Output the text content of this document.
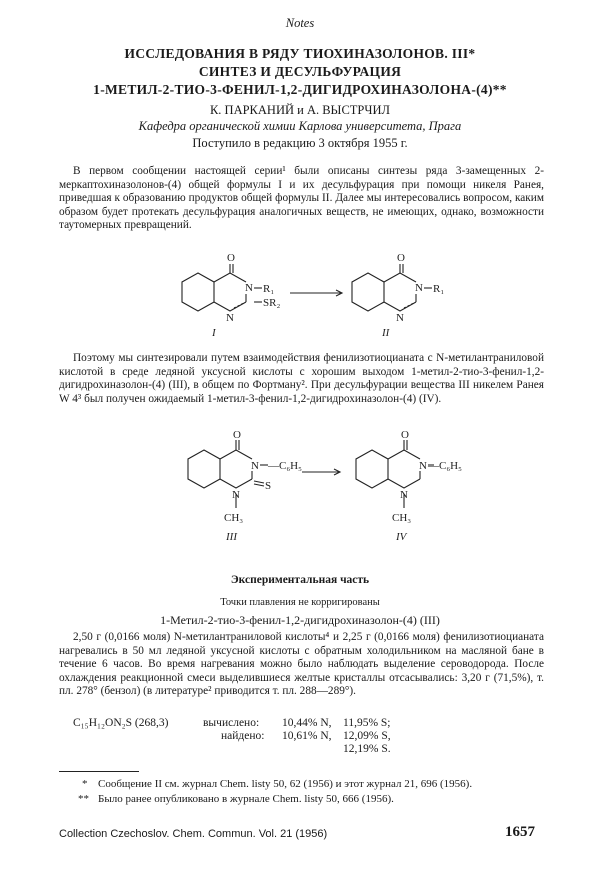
Notes
ИССЛЕДОВАНИЯ В РЯДУ ТИОХИНАЗОЛОНОВ. III*
СИНТЕЗ И ДЕСУЛЬФУРАЦИЯ
1-МЕТИЛ-2-ТИО-3-ФЕНИЛ-1,2-ДИГИДРОХИНАЗОЛОНА-(4)**
К. ПАРКАНИЙ и А. ВЫСТРЧИЛ
Кафедра органической химии Карлова университета, Прага
Поступило в редакцию 3 октября 1955 г.
В первом сообщении настоящей серии¹ были описаны синтезы ряда 3-замещенных 2-меркаптохиназолонов-(4) общей формулы I и их десульфурация при помощи никеля Ранея, приведшая к образованию продуктов общей формулы II. Далее мы интересовались вопросом, каким образом будет протекать десульфурация аналогичных веществ, не имеющих, однако, возможности таутомерных превращений.
O
N R₁
SR₂
N
I
O
N R₁
N
II
Поэтому мы синтезировали путем взаимодействия фенилизотиоцианата с N-метилантраниловой кислотой в среде ледяной уксусной кислоты с хорошим выходом 1-метил-2-тио-3-фенил-1,2-дигидрохиназолон-(4) (III), в общем по Фортману². При десульфурации вещества III никелем Ранея W 4³ был получен ожидаемый 1-метил-3-фенил-1,2-дигидрохиназолон-(4) (IV).
O
N —C₆H₅
S
N
CH₃
III
O
N —C₆H₅
N
CH₃
IV
Экспериментальная часть
Точки плавления не корригированы
1-Метил-2-тио-3-фенил-1,2-дигидрохиназолон-(4) (III)
2,50 г (0,0166 моля) N-метилантраниловой кислоты⁴ и 2,25 г (0,0166 моля) фенилизотиоцианата нагревались в 50 мл ледяной уксусной кислоты с обратным холодильником на масляной бане в течение 6 часов. Во время нагревания можно было наблюдать выделение сероводорода. После охлаждения реакционной смеси выделившиеся желтые кристаллы отсасывались: 3,20 г (71,5%), т. пл. 278° (бензол) (в литературе² приводится т. пл. 288—289°).
C₁₅H₁₂ON₂S (268,3)	вычислено:
найдено:
10,44% N, 11,95% S;
10,61% N, 12,09% S,
12,19% S.
* Сообщение II см. журнал Chem. listy 50, 62 (1956) и этот журнал 21, 696 (1956).
** Было ранее опубликовано в журнале Chem. listy 50, 666 (1956).
Collection Czechoslov. Chem. Commun. Vol. 21 (1956)	1657
